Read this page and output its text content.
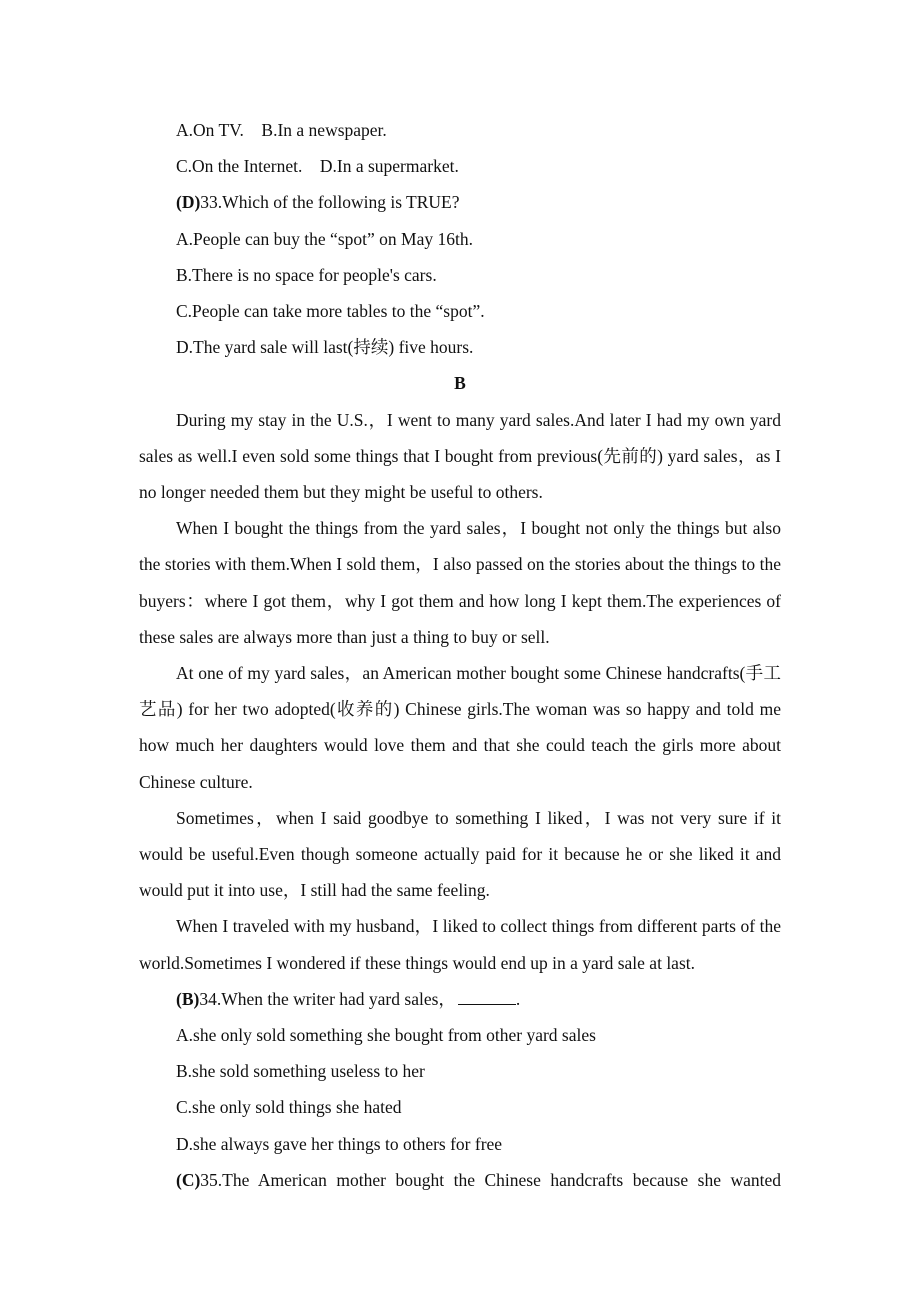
A.On TV. B.In a newspaper.

C.On the Internet. D.In a supermarket.

(D)33.Which of the following is TRUE?

A.People can buy the “spot” on May 16th.

B.There is no space for people's cars.

C.People can take more tables to the “spot”.

D.The yard sale will last(持续) five hours.

B

During my stay in the U.S.，I went to many yard sales.And later I had my own yard sales as well.I even sold some things that I bought from previous(先前的) yard sales，as I no longer needed them but they might be useful to others.

When I bought the things from the yard sales，I bought not only the things but also the stories with them.When I sold them，I also passed on the stories about the things to the buyers：where I got them，why I got them and how long I kept them.The experiences of these sales are always more than just a thing to buy or sell.

At one of my yard sales，an American mother bought some Chinese handcrafts(手工艺品) for her two adopted(收养的) Chinese girls.The woman was so happy and told me how much her daughters would love them and that she could teach the girls more about Chinese culture.

Sometimes，when I said goodbye to something I liked，I was not very sure if it would be useful.Even though someone actually paid for it because he or she liked it and would put it into use，I still had the same feeling.

When I traveled with my husband，I liked to collect things from different parts of the world.Sometimes I wondered if these things would end up in a yard sale at last.

(B)34.When the writer had yard sales，	.

A.she only sold something she bought from other yard sales

B.she sold something useless to her

C.she only sold things she hated

D.she always gave her things to others for free

(C)35.The American mother bought the Chinese handcrafts because she wanted
